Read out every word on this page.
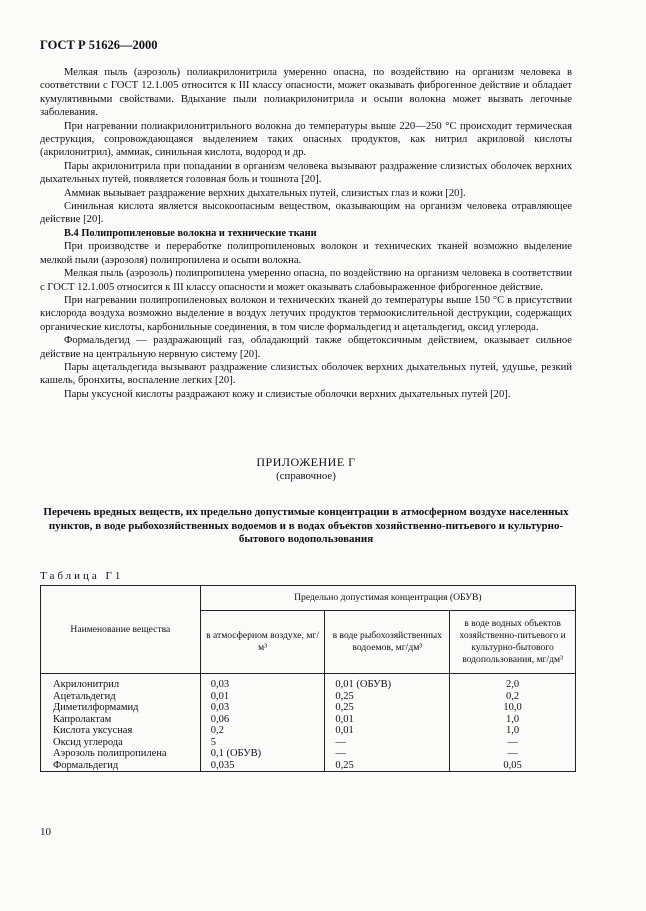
ГОСТ Р 51626—2000

Мелкая пыль (аэрозоль) полиакрилонитрила умеренно опасна, по воздействию на организм человека в соответствии с ГОСТ 12.1.005 относится к III классу опасности, может оказывать фиброгенное действие и обладает кумулятивными свойствами. Вдыхание пыли полиакрилонитрила и осыпи волокна может вызвать легочные заболевания.

При нагревании полиакрилонитрильного волокна до температуры выше 220—250 °С происходит термическая деструкция, сопровождающаяся выделением таких опасных продуктов, как нитрил акриловой кислоты (акрилонитрил), аммиак, синильная кислота, водород и др.

Пары акрилонитрила при попадании в организм человека вызывают раздражение слизистых оболочек верхних дыхательных путей, появляется головная боль и тошнота [20].

Аммиак вызывает раздражение верхних дыхательных путей, слизистых глаз и кожи [20].

Синильная кислота является высокоопасным веществом, оказывающим на организм человека отравляющее действие [20].

В.4 Полипропиленовые волокна и технические ткани

При производстве и переработке полипропиленовых волокон и технических тканей возможно выделение мелкой пыли (аэрозоля) полипропилена и осыпи волокна.

Мелкая пыль (аэрозоль) полипропилена умеренно опасна, по воздействию на организм человека в соответствии с ГОСТ 12.1.005 относится к III классу опасности и может оказывать слабовыраженное фиброгенное действие.

При нагревании полипропиленовых волокон и технических тканей до температуры выше 150 °С в присутствии кислорода воздуха возможно выделение в воздух летучих продуктов термоокислительной деструкции, содержащих органические кислоты, карбонильные соединения, в том числе формальдегид и ацетальдегид, оксид углерода.

Формальдегид — раздражающий газ, обладающий также общетоксичным действием, оказывает сильное действие на центральную нервную систему [20].

Пары ацетальдегида вызывают раздражение слизистых оболочек верхних дыхательных путей, удушье, резкий кашель, бронхиты, воспаление легких [20].

Пары уксусной кислоты раздражают кожу и слизистые оболочки верхних дыхательных путей [20].

ПРИЛОЖЕНИЕ Г
(справочное)
Перечень вредных веществ, их предельно допустимые концентрации в атмосферном воздухе населенных пунктов, в воде рыбохозяйственных водоемов и в водах объектов хозяйственно-питьевого и культурно-бытового водопользования
Таблица Г1
Наименование вещества	Предельно допустимая концентрация (ОБУВ)		
	в атмосферном воздухе, мг/м³	в воде рыбохозяйственных водоемов, мг/дм³	в воде водных объектов хозяйственно-питьевого и культурно-бытового водопользования, мг/дм³
Акрилонитрил	0,03	0,01 (ОБУВ)	2,0
Ацетальдегид	0,01	0,25	0,2
Диметилформамид	0,03	0,25	10,0
Капролактам	0,06	0,01	1,0
Кислота уксусная	0,2	0,01	1,0
Оксид углерода	5	—	—
Аэрозоль полипропилена	0,1 (ОБУВ)	—	—
Формальдегид	0,035	0,25	0,05
10
